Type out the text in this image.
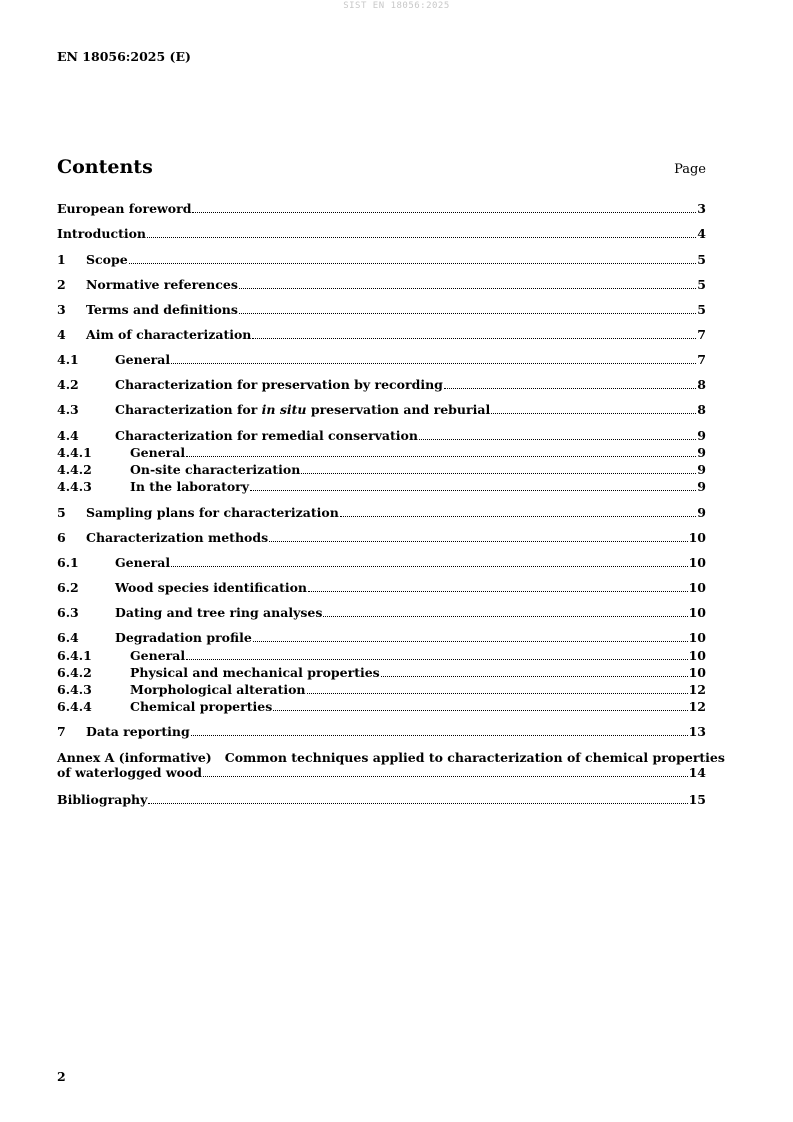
SIST EN 18056:2025
EN 18056:2025 (E)
Contents	Page
European foreword	3
Introduction	4
1	Scope	5
2	Normative references	5
3	Terms and definitions	5
4	Aim of characterization	7
4.1	General	7
4.2	Characterization for preservation by recording	8
4.3	Characterization for in situ preservation and reburial	8
4.4	Characterization for remedial conservation	9
4.4.1	General	9
4.4.2	On-site characterization	9
4.4.3	In the laboratory	9
5	Sampling plans for characterization	9
6	Characterization methods	10
6.1	General	10
6.2	Wood species identification	10
6.3	Dating and tree ring analyses	10
6.4	Degradation profile	10
6.4.1	General	10
6.4.2	Physical and mechanical properties	10
6.4.3	Morphological alteration	12
6.4.4	Chemical properties	12
7	Data reporting	13
Annex A (informative)   Common techniques applied to characterization of chemical properties
of waterlogged wood	14
Bibliography	15
2
